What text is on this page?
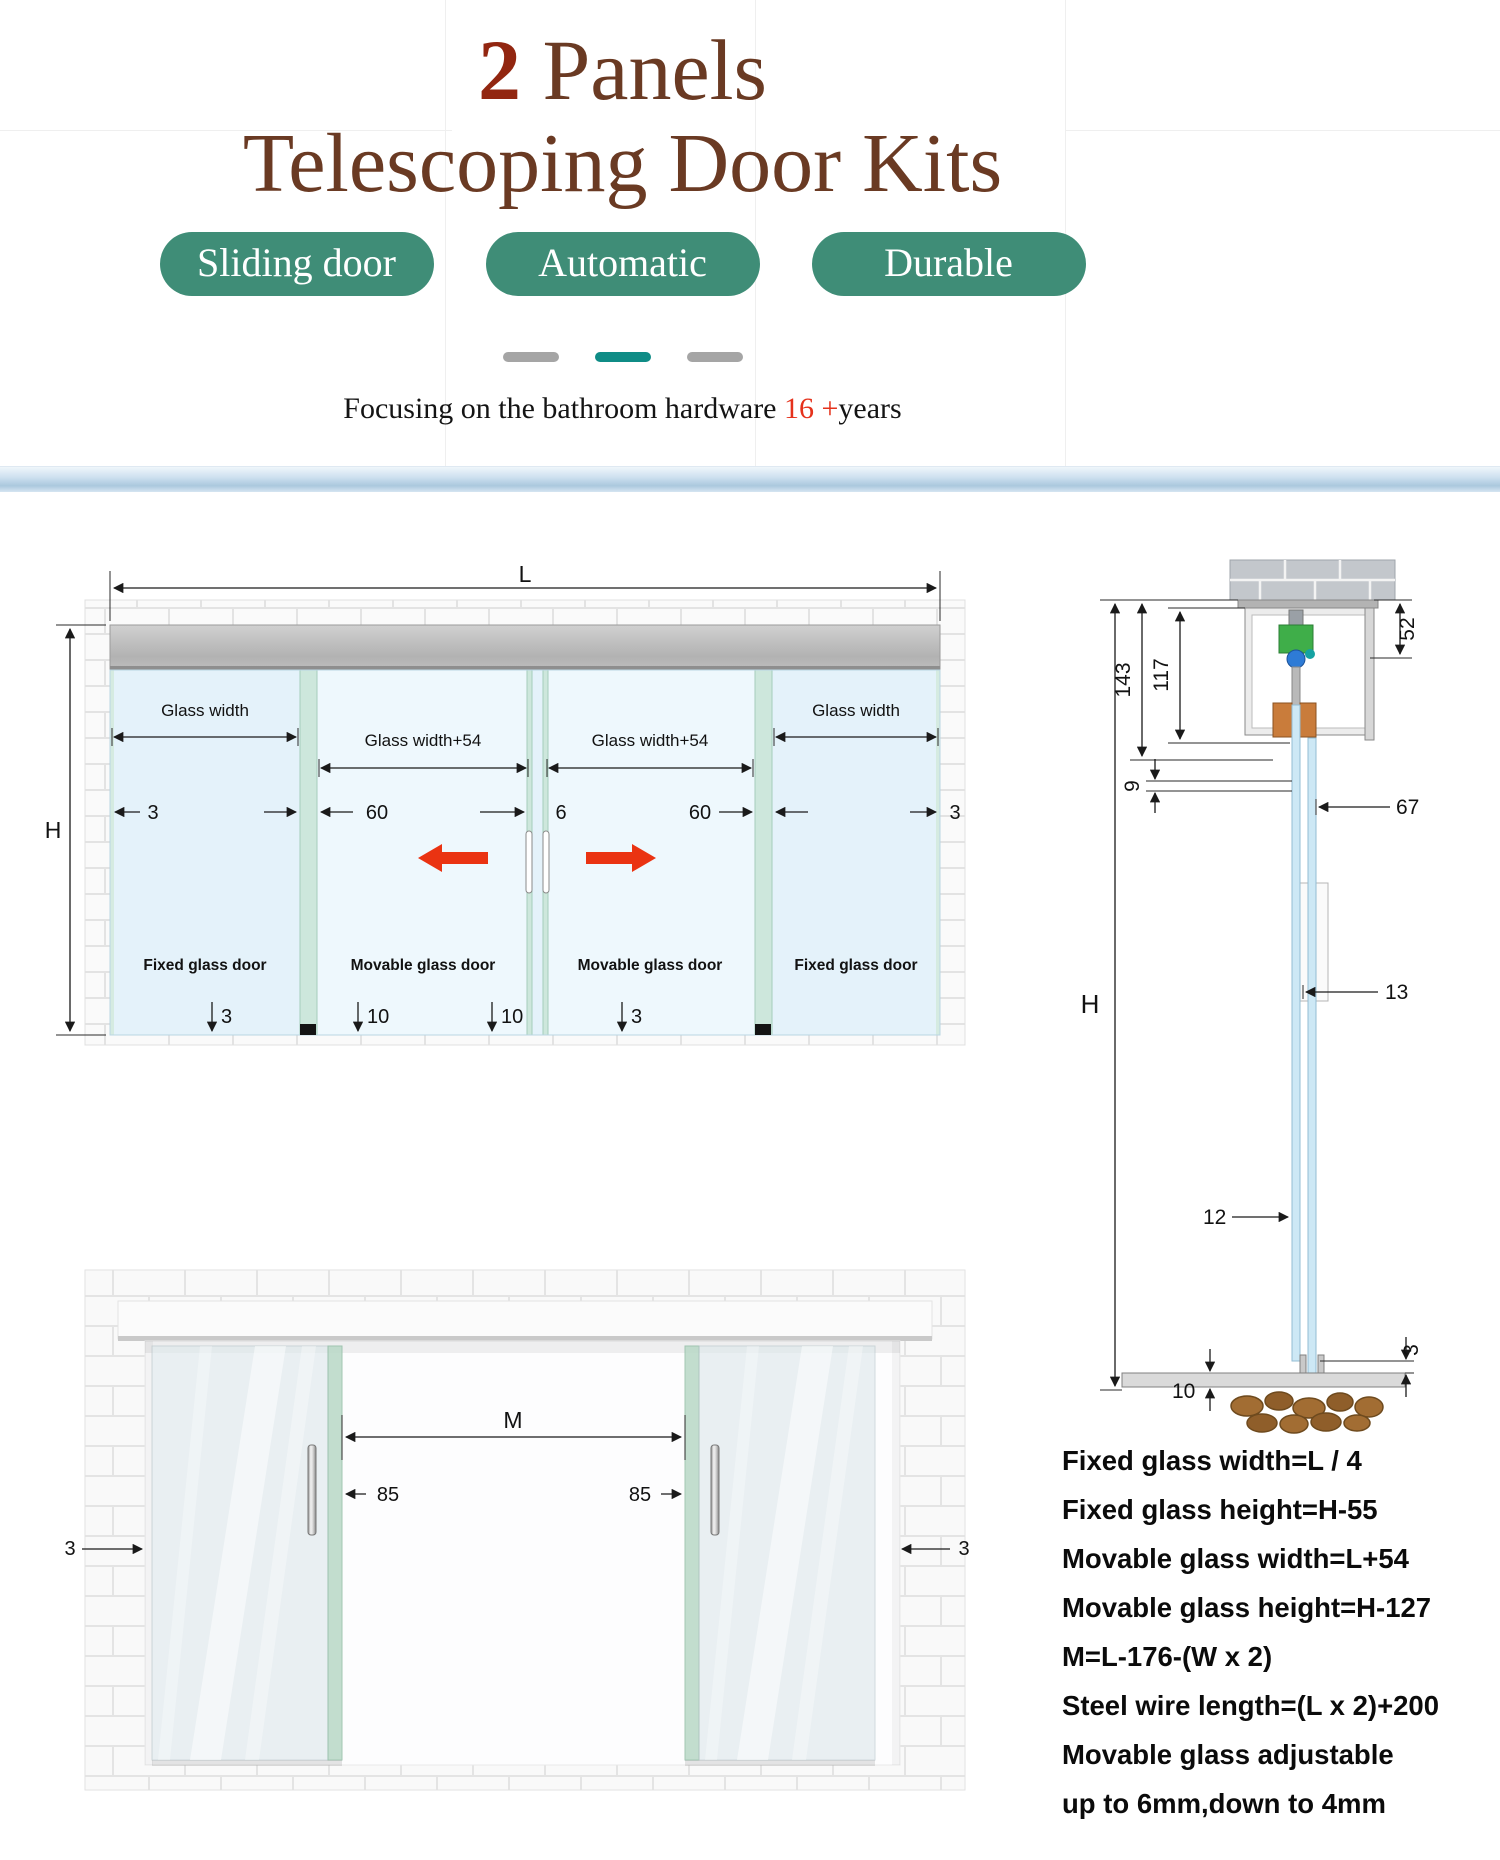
2 Panels
Telescoping Door Kits
Sliding door	Automatic	Durable

Focusing on the bathroom hardware 16 +years

L
H
Glass width
Glass width+54	Glass width+54
Glass width
3	60	6	60	3
Fixed glass door	Movable glass door	Movable glass door	Fixed glass door
3	10	10	3
M
85	85
3	3
H
143 117
9
52
67
13
12
3
10
Fixed glass width=L / 4
Fixed glass height=H-55
Movable glass width=L+54
Movable glass height=H-127
M=L-176-(W x 2)
Steel wire length=(L x 2)+200
Movable glass adjustable
up to 6mm,down to 4mm
